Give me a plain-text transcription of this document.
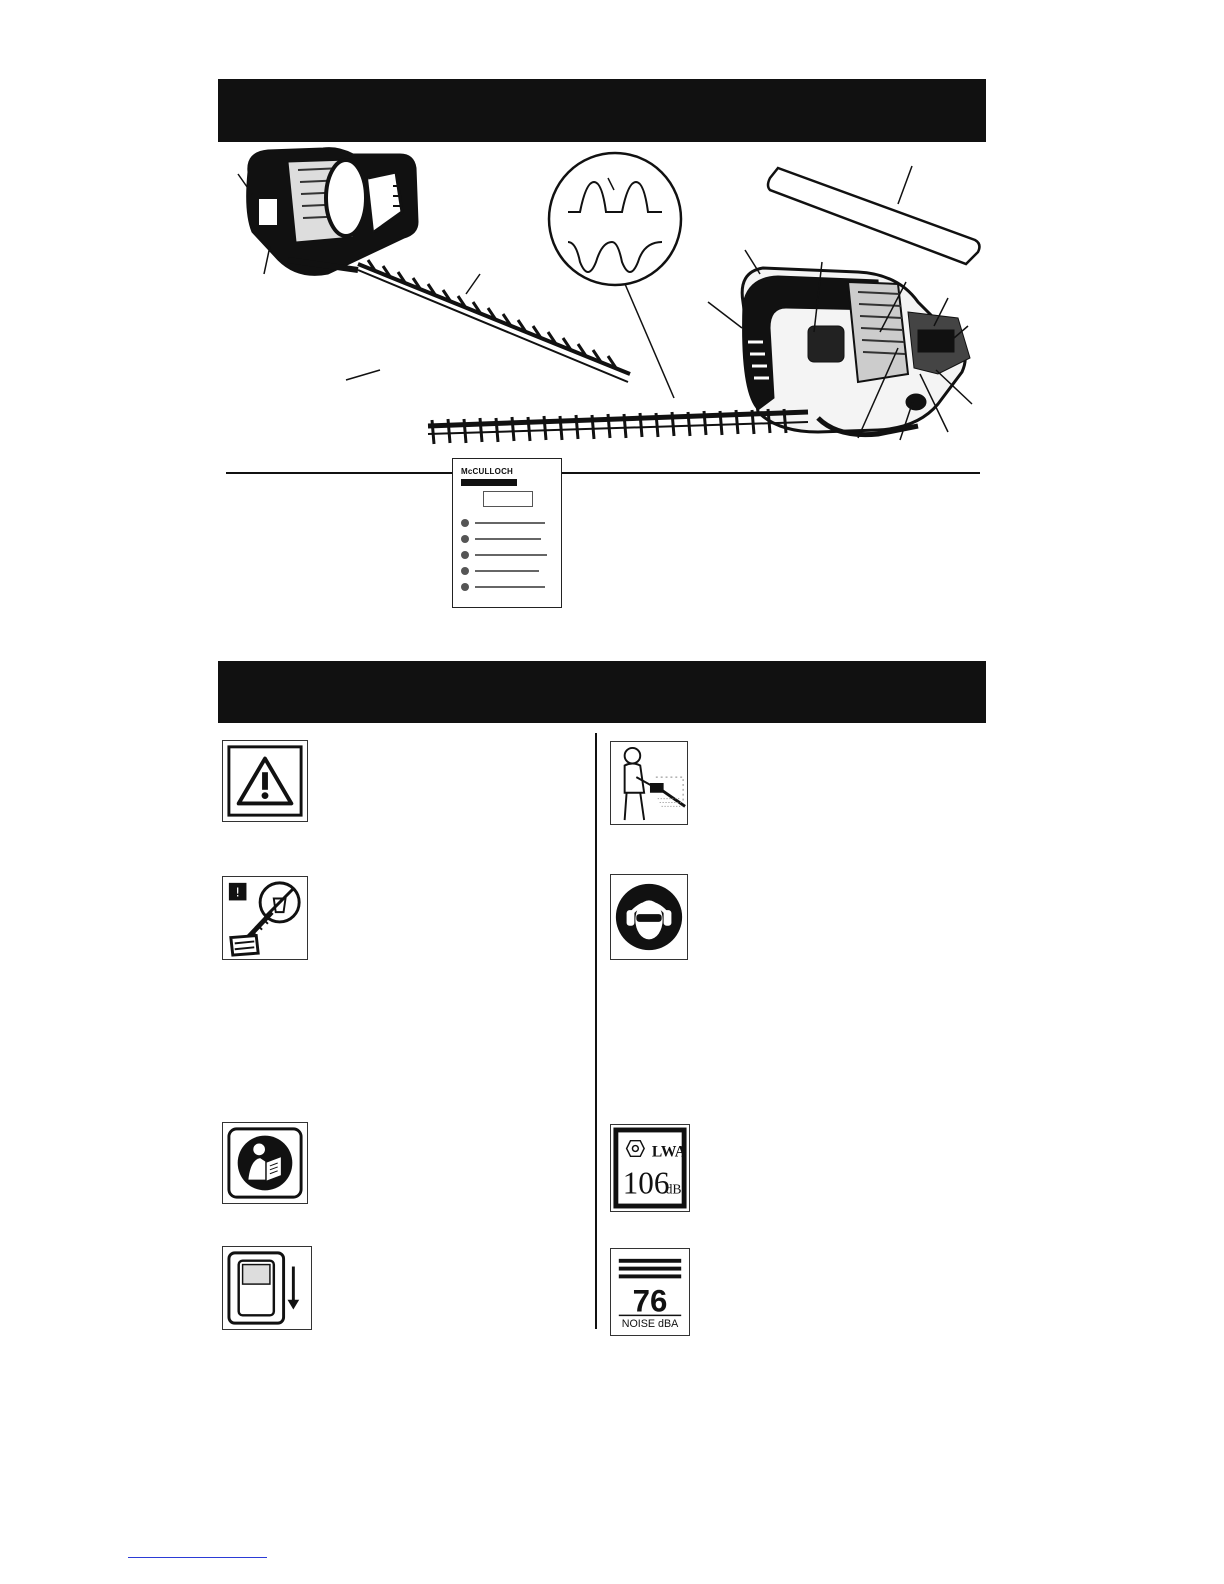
McCULLOCH
!
LWA
106
dB
76
NOISE dBA
